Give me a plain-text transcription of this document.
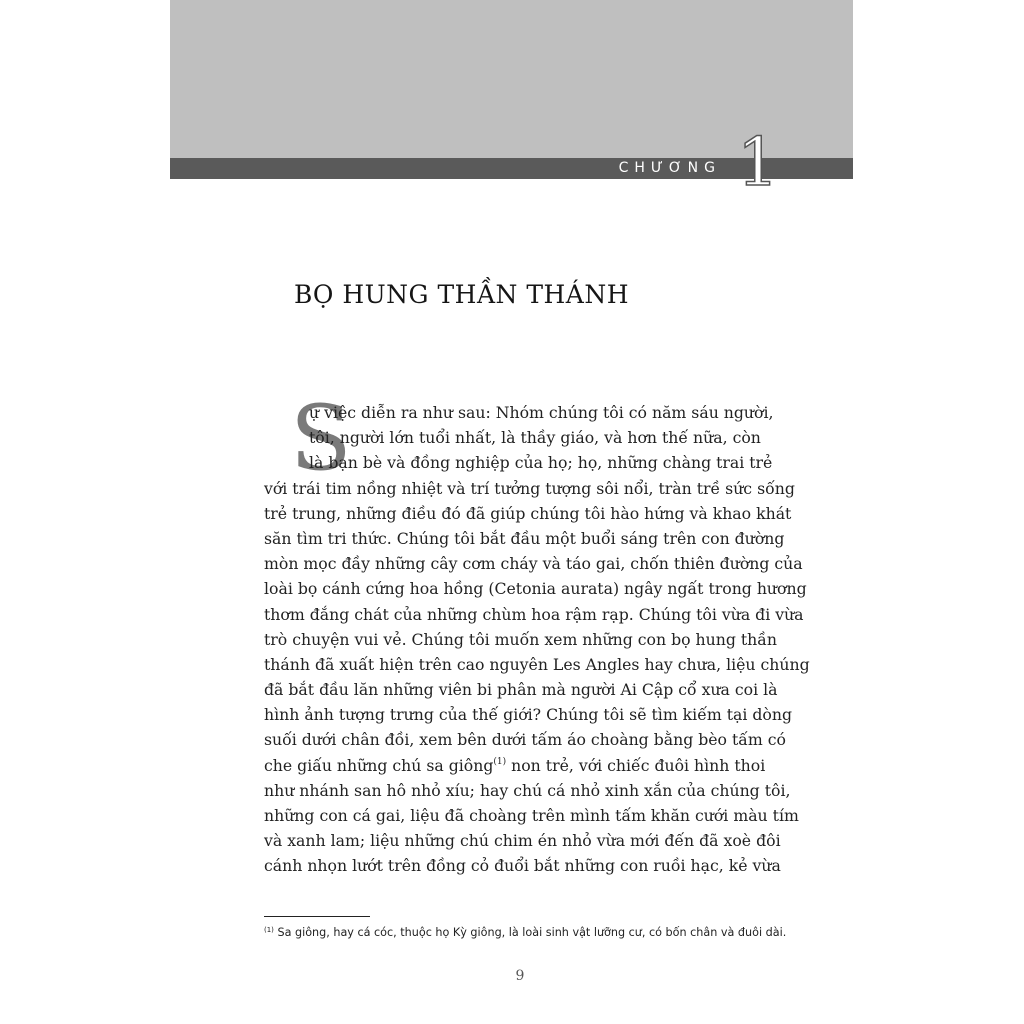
CHƯƠNG 1
BỌ HUNG THẦN THÁNH
S
ự việc diễn ra như sau: Nhóm chúng tôi có năm sáu người,
tôi, người lớn tuổi nhất, là thầy giáo, và hơn thế nữa, còn
là bạn bè và đồng nghiệp của họ; họ, những chàng trai trẻ
với trái tim nồng nhiệt và trí tưởng tượng sôi nổi, tràn trề sức sống
trẻ trung, những điều đó đã giúp chúng tôi hào hứng và khao khát
săn tìm tri thức. Chúng tôi bắt đầu một buổi sáng trên con đường
mòn mọc đầy những cây cơm cháy và táo gai, chốn thiên đường của
loài bọ cánh cứng hoa hồng (Cetonia aurata) ngây ngất trong hương
thơm đắng chát của những chùm hoa rậm rạp. Chúng tôi vừa đi vừa
trò chuyện vui vẻ. Chúng tôi muốn xem những con bọ hung thần
thánh đã xuất hiện trên cao nguyên Les Angles hay chưa, liệu chúng
đã bắt đầu lăn những viên bi phân mà người Ai Cập cổ xưa coi là
hình ảnh tượng trưng của thế giới? Chúng tôi sẽ tìm kiếm tại dòng
suối dưới chân đồi, xem bên dưới tấm áo choàng bằng bèo tấm có
che giấu những chú sa giông$^{(1)}$ non trẻ, với chiếc đuôi hình thoi
như nhánh san hô nhỏ xíu; hay chú cá nhỏ xinh xắn của chúng tôi,
những con cá gai, liệu đã choàng trên mình tấm khăn cưới màu tím
và xanh lam; liệu những chú chim én nhỏ vừa mới đến đã xoè đôi
cánh nhọn lướt trên đồng cỏ đuổi bắt những con ruồi hạc, kẻ vừa
$^{(1)}$ Sa giông, hay cá cóc, thuộc họ Kỳ giông, là loài sinh vật lưỡng cư, có bốn chân và đuôi dài.
9
